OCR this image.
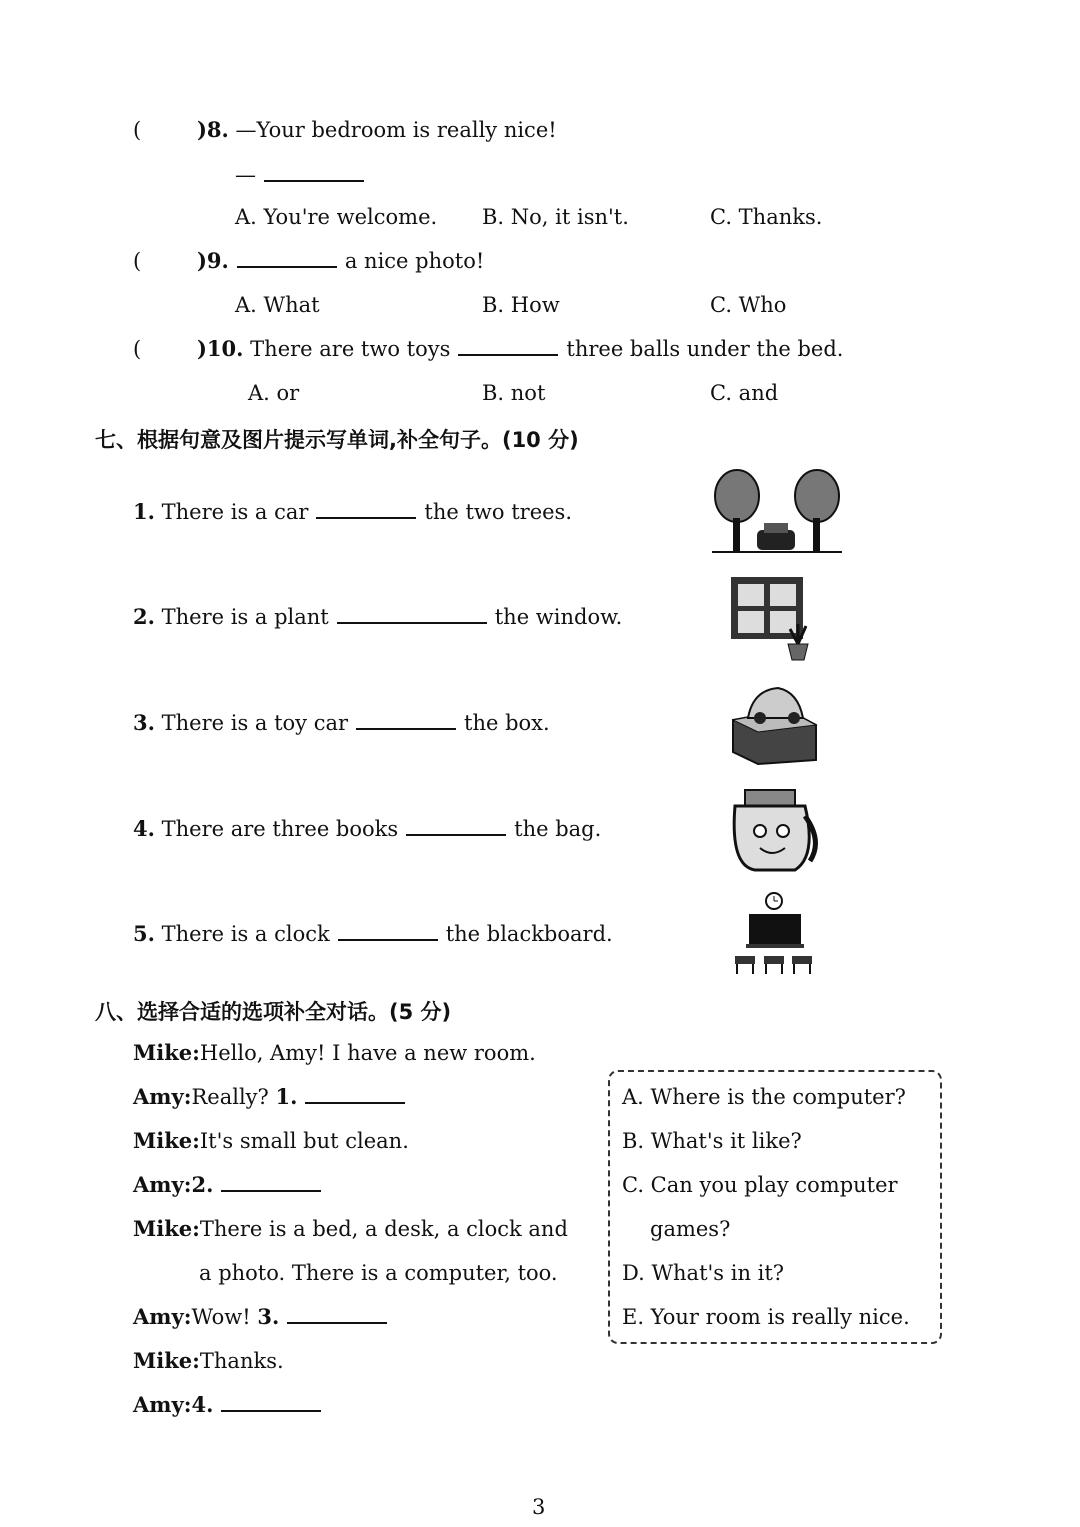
(	)8. —Your bedroom is really nice!
—
A. You're welcome. B. No, it isn't.	C. Thanks.
(	)9.	a nice photo!
A. What	B. How	C. Who
(	)10. There are two toys	three balls under the bed.
A. or	B. not	C. and
七、根据句意及图片提示写单词,补全句子。(10 分)
1. There is a car	the two trees.
2. There is a plant	the window.
3. There is a toy car	the box.
4. There are three books	the bag.
5. There is a clock	the blackboard.
八、选择合适的选项补全对话。(5 分)
Mike:Hello, Amy! I have a new room.
Amy:Really? 1.
Mike:It's small but clean.
Amy:2.
Mike:There is a bed, a desk, a clock and
a photo. There is a computer, too.
Amy:Wow! 3.
Mike:Thanks.
Amy:4.
A. Where is the computer?
B. What's it like?
C. Can you play computer
games?
D. What's in it?
E. Your room is really nice.
3
